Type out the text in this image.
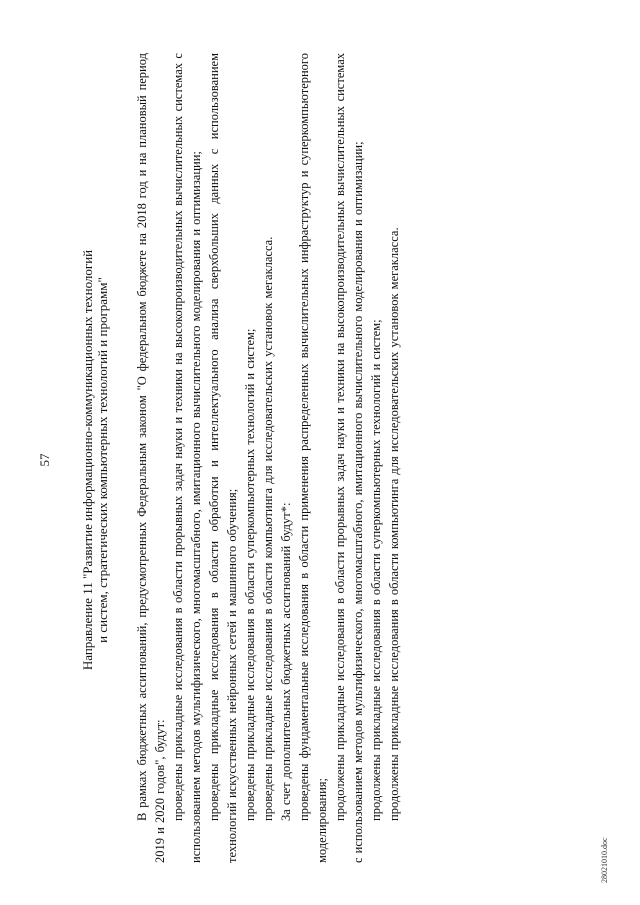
57 Направление 11 "Развитие информационно-коммуникационных технологий и систем, стратегических компьютерных технологий и программ" В рамках бюджетных ассигнований, предусмотренных Федеральным законом "О федеральном бюджете на 2018 год и на плановый период 2019 и 2020 годов", будут: проведены прикладные исследования в области прорывных задач науки и техники на высокопроизводительных вычислительных системах с использованием методов мультифизического, многомасштабного, имитационного вычислительного моделирования и оптимизации; проведены прикладные исследования в области обработки и интеллектуального анализа сверхбольших данных с использованием технологий искусственных нейронных сетей и машинного обучения; проведены прикладные исследования в области суперкомпьютерных технологий и систем; проведены прикладные исследования в области компьютинга для исследовательских установок мегакласса. За счет дополнительных бюджетных ассигнований будут*: проведены фундаментальные исследования в области применения распределенных вычислительных инфраструктур и суперкомпьютерного моделирования; продолжены прикладные исследования в области прорывных задач науки и техники на высокопроизводительных вычислительных системах с использованием методов мультифизического, многомасштабного, имитационного вычислительного моделирования и оптимизации; продолжены прикладные исследования в области суперкомпьютерных технологий и систем; продолжены прикладные исследования в области компьютинга для исследовательских установок мегакласса.

28021010.doc
